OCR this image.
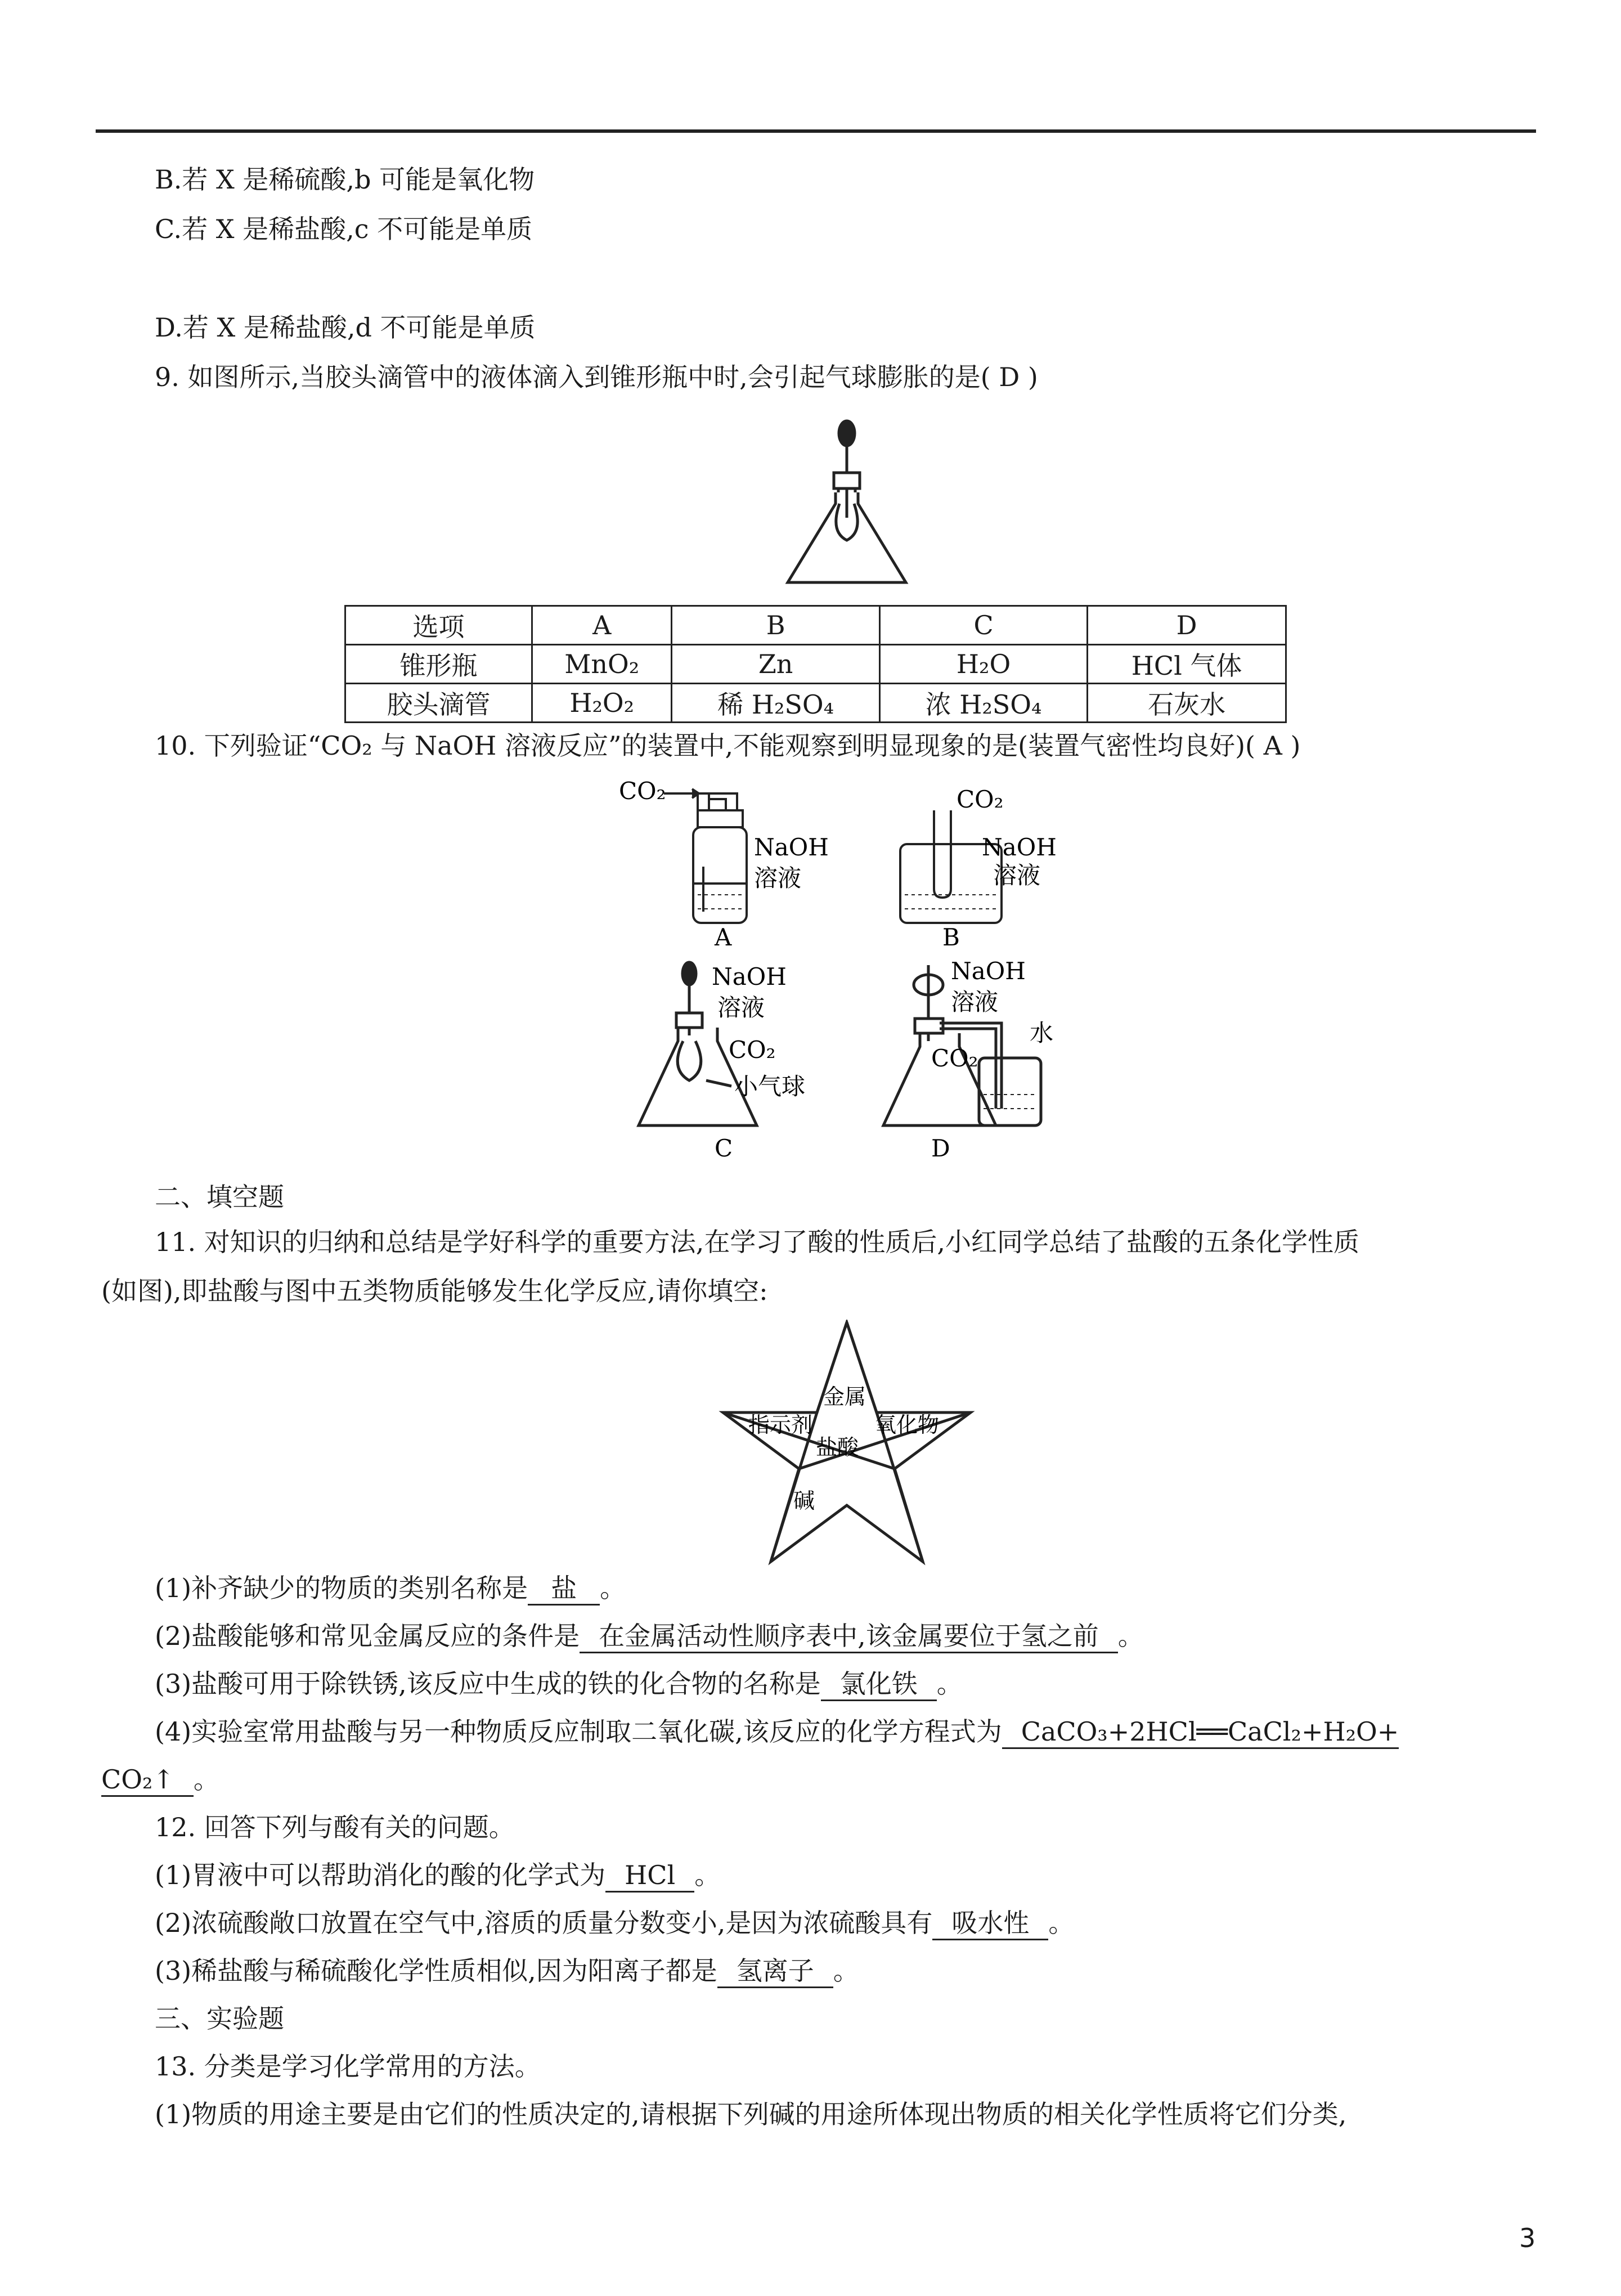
B.若 X 是稀硫酸,b 可能是氧化物
C.若 X 是稀盐酸,c 不可能是单质
D.若 X 是稀盐酸,d 不可能是单质
9. 如图所示,当胶头滴管中的液体滴入到锥形瓶中时,会引起气球膨胀的是( D )
选项	A	B	C	D
锥形瓶	MnO₂	Zn	H₂O	HCl 气体
胶头滴管	H₂O₂	稀 H₂SO₄	浓 H₂SO₄	石灰水
10. 下列验证“CO₂ 与 NaOH 溶液反应”的装置中,不能观察到明显现象的是(装置气密性均良好)( A )
CO₂
NaOH
溶液
A
CO₂
NaOH
溶液
B
NaOH
溶液
CO₂
小气球
C
NaOH
溶液
CO₂
水
D
二、填空题
11. 对知识的归纳和总结是学好科学的重要方法,在学习了酸的性质后,小红同学总结了盐酸的五条化学性质
(如图),即盐酸与图中五类物质能够发生化学反应,请你填空:
金属
指示剂	氧化物
盐酸
碱
(1)补齐缺少的物质的类别名称是 盐 。
(2)盐酸能够和常见金属反应的条件是 在金属活动性顺序表中,该金属要位于氢之前 。
(3)盐酸可用于除铁锈,该反应中生成的铁的化合物的名称是 氯化铁 。
(4)实验室常用盐酸与另一种物质反应制取二氧化碳,该反应的化学方程式为 CaCO₃+2HCl══CaCl₂+H₂O+
CO₂↑ 。
12. 回答下列与酸有关的问题。
(1)胃液中可以帮助消化的酸的化学式为 HCl 。
(2)浓硫酸敞口放置在空气中,溶质的质量分数变小,是因为浓硫酸具有 吸水性 。
(3)稀盐酸与稀硫酸化学性质相似,因为阳离子都是 氢离子 。
三、实验题
13. 分类是学习化学常用的方法。
(1)物质的用途主要是由它们的性质决定的,请根据下列碱的用途所体现出物质的相关化学性质将它们分类,
3
